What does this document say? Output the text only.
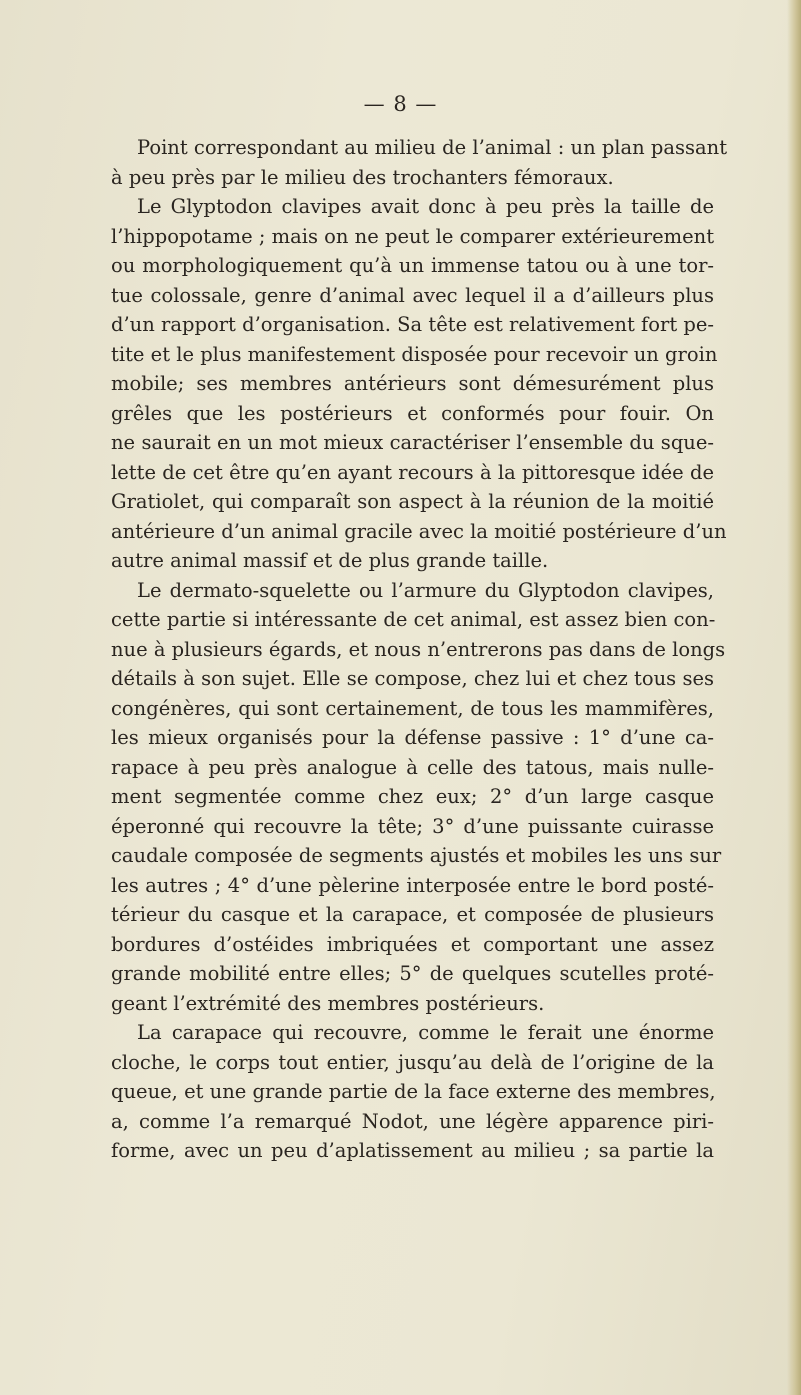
— 8 —
Point correspondant au milieu de l’animal : un plan passant
à peu près par le milieu des trochanters fémoraux.
Le Glyptodon clavipes avait donc à peu près la taille de
l’hippopotame ; mais on ne peut le comparer extérieurement
ou morphologiquement qu’à un immense tatou ou à une tor-
tue colossale, genre d’animal avec lequel il a d’ailleurs plus
d’un rapport d’organisation. Sa tête est relativement fort pe-
tite et le plus manifestement disposée pour recevoir un groin
mobile; ses membres antérieurs sont démesurément plus
grêles que les postérieurs et conformés pour fouir. On
ne saurait en un mot mieux caractériser l’ensemble du sque-
lette de cet être qu’en ayant recours à la pittoresque idée de
Gratiolet, qui comparaît son aspect à la réunion de la moitié
antérieure d’un animal gracile avec la moitié postérieure d’un
autre animal massif et de plus grande taille.
Le dermato-squelette ou l’armure du Glyptodon clavipes,
cette partie si intéressante de cet animal, est assez bien con-
nue à plusieurs égards, et nous n’entrerons pas dans de longs
détails à son sujet. Elle se compose, chez lui et chez tous ses
congénères, qui sont certainement, de tous les mammifères,
les mieux organisés pour la défense passive : 1° d’une ca-
rapace à peu près analogue à celle des tatous, mais nulle-
ment segmentée comme chez eux; 2° d’un large casque
éperonné qui recouvre la tête; 3° d’une puissante cuirasse
caudale composée de segments ajustés et mobiles les uns sur
les autres ; 4° d’une pèlerine interposée entre le bord posté-
térieur du casque et la carapace, et composée de plusieurs
bordures d’ostéides imbriquées et comportant une assez
grande mobilité entre elles; 5° de quelques scutelles proté-
geant l’extrémité des membres postérieurs.
La carapace qui recouvre, comme le ferait une énorme
cloche, le corps tout entier, jusqu’au delà de l’origine de la
queue, et une grande partie de la face externe des membres,
a, comme l’a remarqué Nodot, une légère apparence piri-
forme, avec un peu d’aplatissement au milieu ; sa partie la
